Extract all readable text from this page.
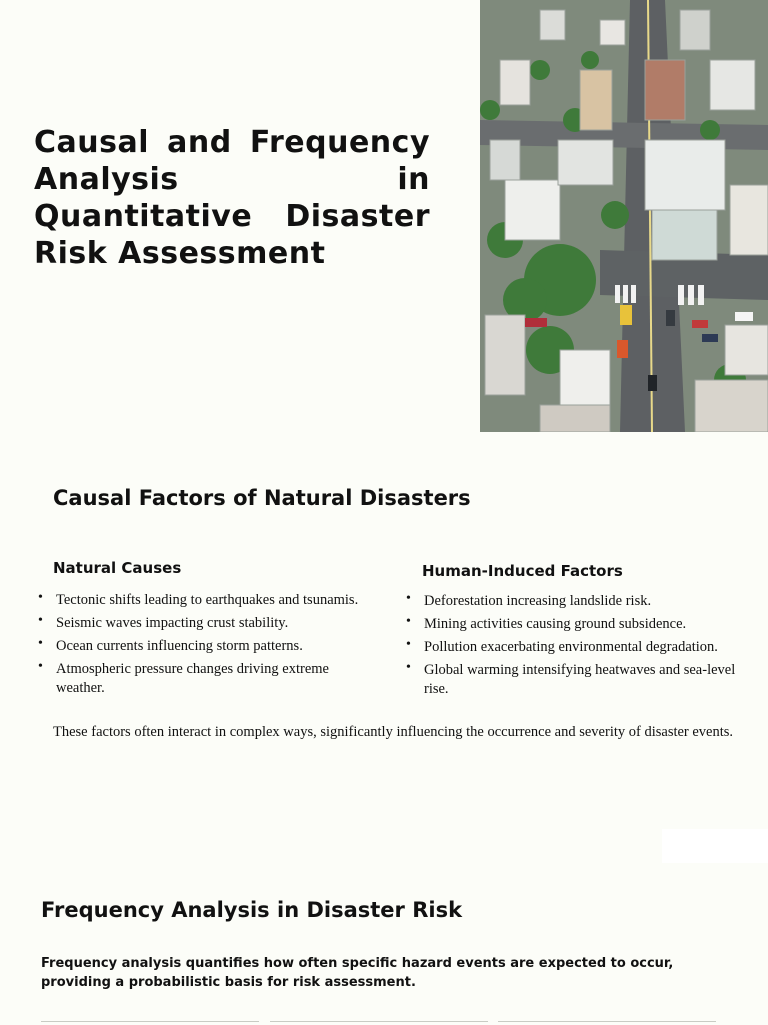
Causal and Frequency Analysis in Quantitative Disaster Risk Assessment
Causal Factors of Natural Disasters
Natural Causes
• Tectonic shifts leading to earthquakes and tsunamis.
• Seismic waves impacting crust stability.
• Ocean currents influencing storm patterns.
• Atmospheric pressure changes driving extreme weather.
Human-Induced Factors
• Deforestation increasing landslide risk.
• Mining activities causing ground subsidence.
• Pollution exacerbating environmental degradation.
• Global warming intensifying heatwaves and sea-level rise.

These factors often interact in complex ways, significantly influencing the occurrence and severity of disaster events.

Frequency Analysis in Disaster Risk

Frequency analysis quantifies how often specific hazard events are expected to occur, providing a probabilistic basis for risk assessment.
